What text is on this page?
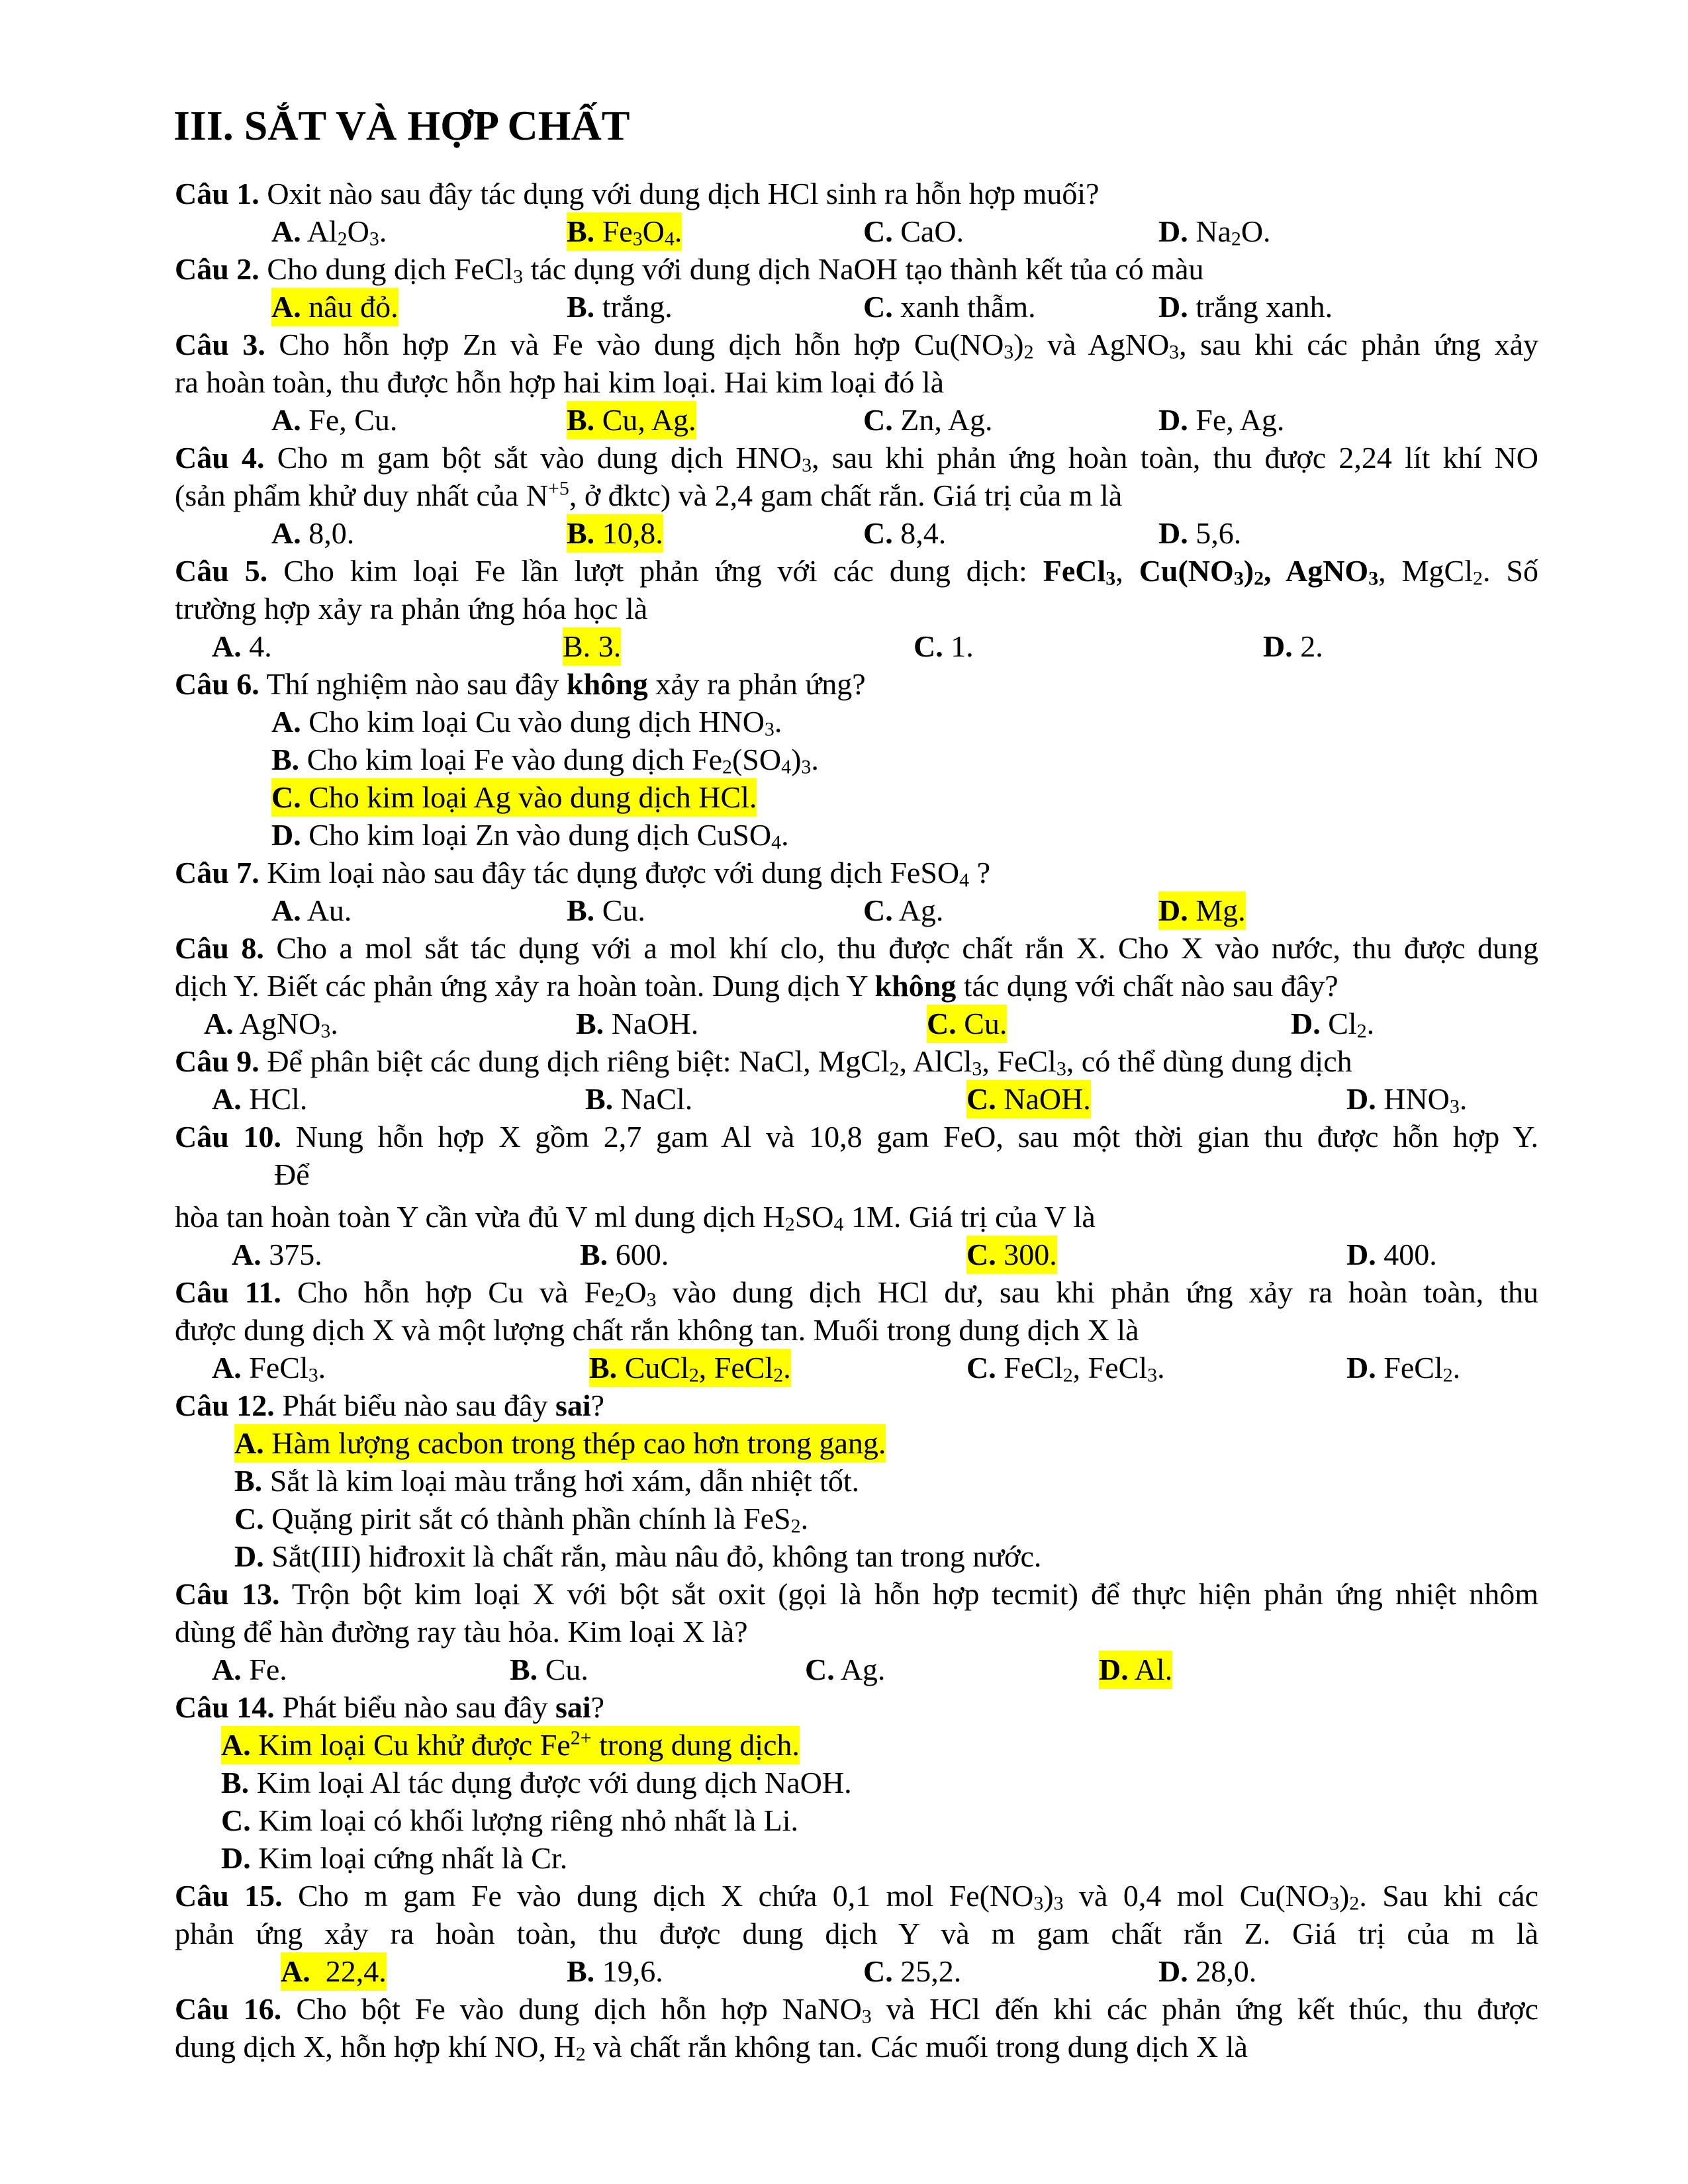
III. SẮT VÀ HỢP CHẤT
Câu 1. Oxit nào sau đây tác dụng với dung dịch HCl sinh ra hỗn hợp muối?
A. $Al_2O_3$.	B. $Fe_3O_4$.	C. CaO.	D. $Na_2O$.
Câu 2. Cho dung dịch FeCl$_3$ tác dụng với dung dịch NaOH tạo thành kết tủa có màu
A. nâu đỏ.	B. trắng.	C. xanh thẫm.	D. trắng xanh.
Câu 3. Cho hỗn hợp Zn và Fe vào dung dịch hỗn hợp $Cu(NO_3)_2$ và AgNO$_3$, sau khi các phản ứng xảy
ra hoàn toàn, thu được hỗn hợp hai kim loại. Hai kim loại đó là
A. Fe, Cu.	B. Cu, Ag.	C. Zn, Ag.	D. Fe, Ag.
Câu 4. Cho m gam bột sắt vào dung dịch $HNO_3$, sau khi phản ứng hoàn toàn, thu được 2,24 lít khí NO
(sản phẩm khử duy nhất của $N^{+5}$, ở đktc) và 2,4 gam chất rắn. Giá trị của m là
A. 8,0.	B. 10,8.	C. 8,4.	D. 5,6.
Câu 5. Cho kim loại Fe lần lượt phản ứng với các dung dịch: FeCl$_3$, $Cu(NO_3)_2$, AgNO$_3$, MgCl$_2$. Số
trường hợp xảy ra phản ứng hóa học là
A. 4.	B. 3.	C. 1.	D. 2.
Câu 6. Thí nghiệm nào sau đây không xảy ra phản ứng?
A. Cho kim loại Cu vào dung dịch $HNO_3$.
B. Cho kim loại Fe vào dung dịch $Fe_2(SO_4)_3$.
C. Cho kim loại Ag vào dung dịch HCl.
D. Cho kim loại Zn vào dung dịch CuSO$_4$.
Câu 7. Kim loại nào sau đây tác dụng được với dung dịch FeSO$_4$ ?
A. Au.	B. Cu.	C. Ag.	D. Mg.
Câu 8. Cho a mol sắt tác dụng với a mol khí clo, thu được chất rắn X. Cho X vào nước, thu được dung
dịch Y. Biết các phản ứng xảy ra hoàn toàn. Dung dịch Y không tác dụng với chất nào sau đây?
A. AgNO$_3$.	B. NaOH.	C. Cu.	D. $Cl_2$.
Câu 9. Để phân biệt các dung dịch riêng biệt: NaCl, MgCl$_2$, AlCl$_3$, FeCl$_3$, có thể dùng dung dịch
A. HCl.	B. NaCl.	C. NaOH.	D. $HNO_3$.
Câu 10. Nung hỗn hợp X gồm 2,7 gam Al và 10,8 gam FeO, sau một thời gian thu được hỗn hợp Y.
Để
hòa tan hoàn toàn Y cần vừa đủ V ml dung dịch $H_2SO_4$ 1M. Giá trị của V là
A. 375.	B. 600.	C. 300.	D. 400.
Câu 11. Cho hỗn hợp Cu và $Fe_2O_3$ vào dung dịch HCl dư, sau khi phản ứng xảy ra hoàn toàn, thu
được dung dịch X và một lượng chất rắn không tan. Muối trong dung dịch X là
A. FeCl$_3$.	B. CuCl$_2$, FeCl$_2$.	C. FeCl$_2$, FeCl$_3$.	D. FeCl$_2$.
Câu 12. Phát biểu nào sau đây sai?
A. Hàm lượng cacbon trong thép cao hơn trong gang.
B. Sắt là kim loại màu trắng hơi xám, dẫn nhiệt tốt.
C. Quặng pirit sắt có thành phần chính là FeS$_2$.
D. Sắt(III) hiđroxit là chất rắn, màu nâu đỏ, không tan trong nước.
Câu 13. Trộn bột kim loại X với bột sắt oxit (gọi là hỗn hợp tecmit) để thực hiện phản ứng nhiệt nhôm
dùng để hàn đường ray tàu hỏa. Kim loại X là?
A. Fe.	B. Cu.	C. Ag.	D. Al.
Câu 14. Phát biểu nào sau đây sai?
A. Kim loại Cu khử được $Fe^{2+}$ trong dung dịch.
B. Kim loại Al tác dụng được với dung dịch NaOH.
C. Kim loại có khối lượng riêng nhỏ nhất là Li.
D. Kim loại cứng nhất là Cr.
Câu 15. Cho m gam Fe vào dung dịch X chứa 0,1 mol $Fe(NO_3)_3$ và 0,4 mol $Cu(NO_3)_2$. Sau khi các
phản ứng xảy ra hoàn toàn, thu được dung dịch Y và m gam chất rắn Z. Giá trị của m là
A. 22,4.	B. 19,6.	C. 25,2.	D. 28,0.
Câu 16. Cho bột Fe vào dung dịch hỗn hợp NaNO$_3$ và HCl đến khi các phản ứng kết thúc, thu được
dung dịch X, hỗn hợp khí NO, $H_2$ và chất rắn không tan. Các muối trong dung dịch X là
